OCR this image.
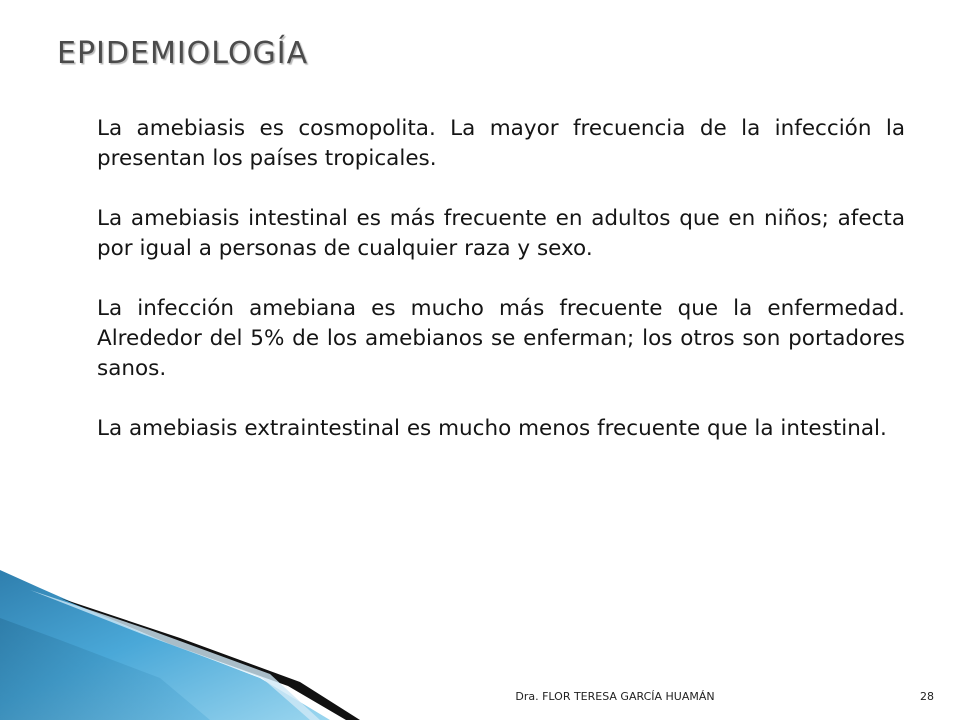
EPIDEMIOLOGÍA

La amebiasis es cosmopolita. La mayor frecuencia de la infección la presentan los países tropicales.

La amebiasis intestinal es más frecuente en adultos que en niños; afecta por igual a personas de cualquier raza y sexo.

La infección amebiana es mucho más frecuente que la enfermedad. Alrededor del 5% de los amebianos se enferman; los otros son portadores sanos.

La amebiasis extraintestinal es mucho menos frecuente que la intestinal.

Dra. FLOR TERESA GARCÍA HUAMÁN	28
